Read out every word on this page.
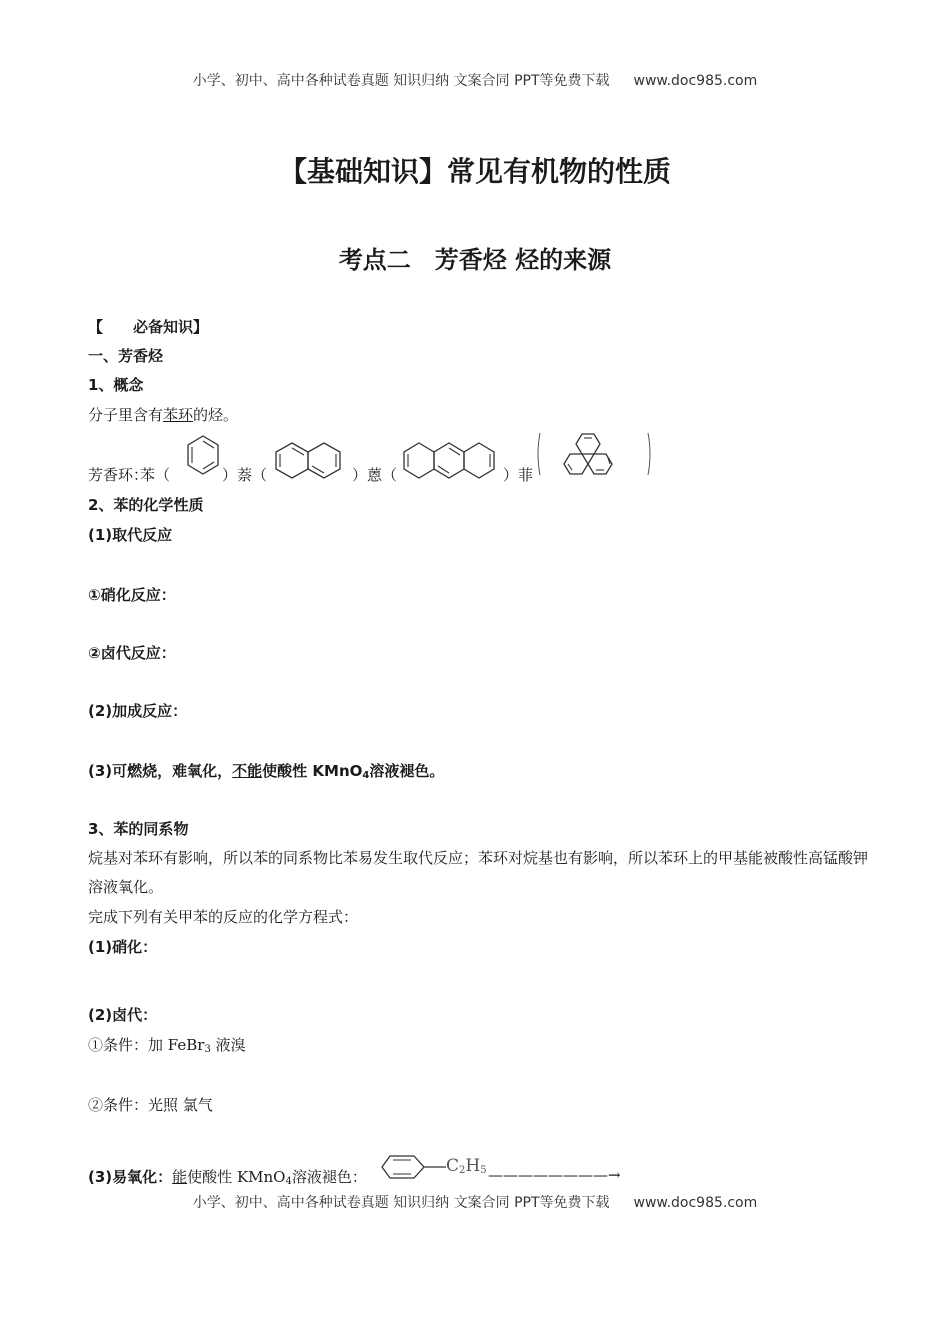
小学、初中、高中各种试卷真题 知识归纳 文案合同 PPT等免费下载 www.doc985.com
【基础知识】常见有机物的性质
考点二　芳香烃 烃的来源
【 必备知识】
一、芳香烃
1、概念
分子里含有苯环的烃。
芳香环：
苯（	）萘（	）蒽（	）菲
2、苯的化学性质
(1)取代反应
①硝化反应：
②卤代反应：
(2)加成反应：
(3)可燃烧，难氧化，不能使酸性 KMnO$_4$溶液褪色。
3、苯的同系物
烷基对苯环有影响，所以苯的同系物比苯易发生取代反应；苯环对烷基也有影响，所以苯环上的甲基能被酸性高锰酸钾溶液氧化。
完成下列有关甲苯的反应的化学方程式：
(1)硝化：
(2)卤代：
①条件：加 FeBr$_3$ 液溴
②条件：光照 氯气
(3)易氧化：能使酸性 KMnO$_4$溶液褪色：
$C_2H_5$ ————————→
小学、初中、高中各种试卷真题 知识归纳 文案合同 PPT等免费下载 www.doc985.com
